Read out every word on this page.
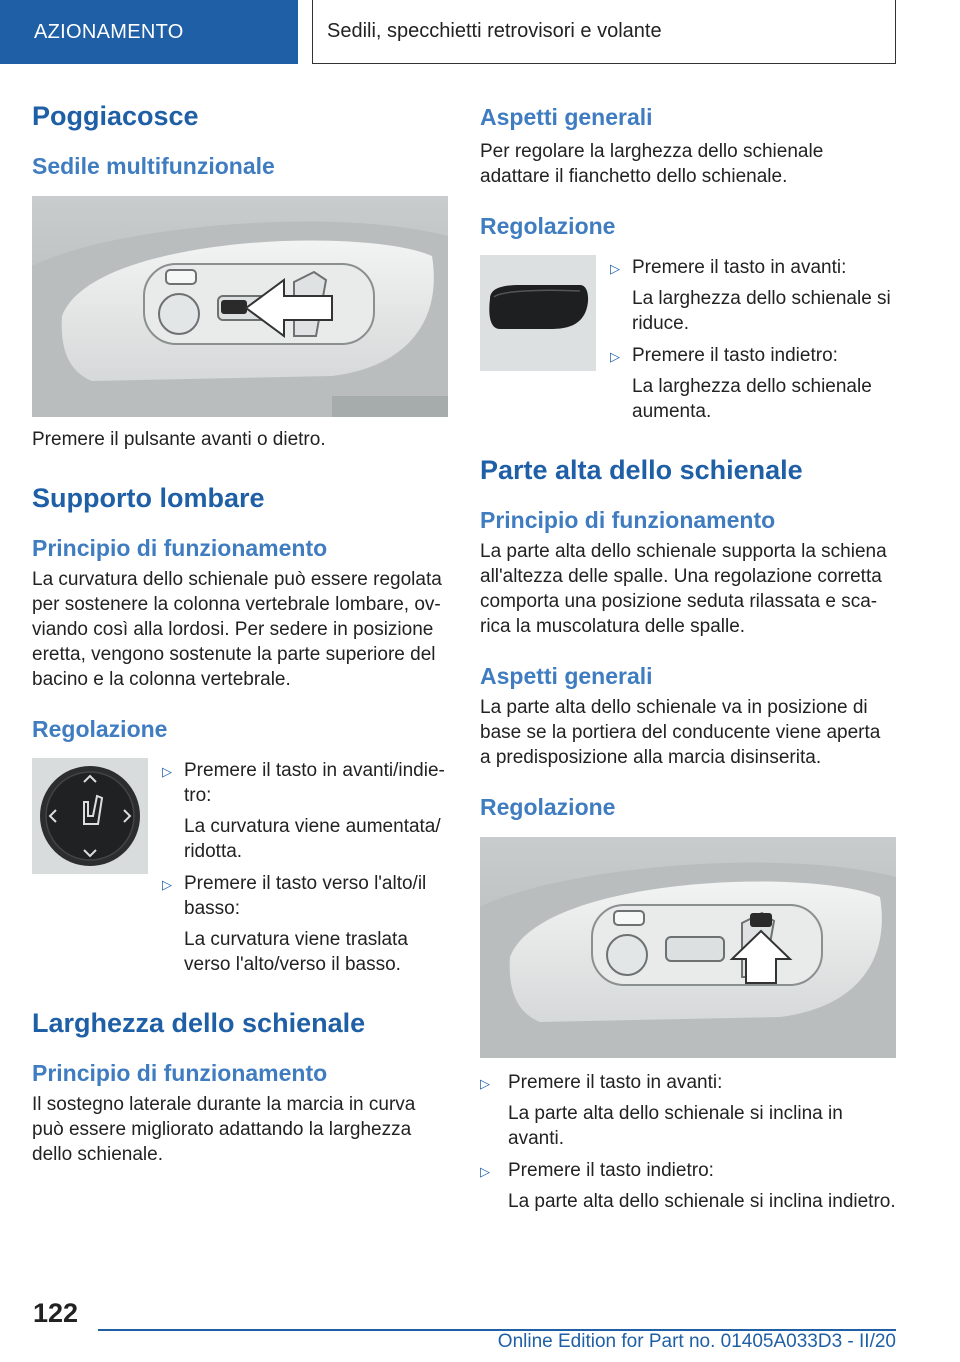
AZIONAMENTO	Sedili, specchietti retrovisori e volante
Poggiacosce
Sedile multifunzionale

Premere il pulsante avanti o dietro.

Supporto lombare
Principio di funzionamento

La curvatura dello schienale può essere regolata per sostenere la colonna vertebrale lombare, ov- viando così alla lordosi. Per sedere in posizione eretta, vengono sostenute la parte superiore del bacino e la colonna vertebrale.

Regolazione
▷ Premere il tasto in avanti/indie- tro:

La curvatura viene aumentata/ ridotta.

▷ Premere il tasto verso l'alto/il basso:

La curvatura viene traslata verso l'alto/verso il basso.

Larghezza dello schienale
Principio di funzionamento

Il sostegno laterale durante la marcia in curva può essere migliorato adattando la larghezza dello schienale.

Aspetti generali

Per regolare la larghezza dello schienale adattare il fianchetto dello schienale.

Regolazione
▷ Premere il tasto in avanti:

La larghezza dello schienale si riduce.

▷ Premere il tasto indietro:

La larghezza dello schienale aumenta.

Parte alta dello schienale
Principio di funzionamento

La parte alta dello schienale supporta la schiena all'altezza delle spalle. Una regolazione corretta comporta una posizione seduta rilassata e sca- rica la muscolatura delle spalle.

Aspetti generali

La parte alta dello schienale va in posizione di base se la portiera del conducente viene aperta a predisposizione alla marcia disinserita.

Regolazione
▷ Premere il tasto in avanti:

La parte alta dello schienale si inclina in avanti.

▷ Premere il tasto indietro:

La parte alta dello schienale si inclina indietro.

122
Online Edition for Part no. 01405A033D3 - II/20
